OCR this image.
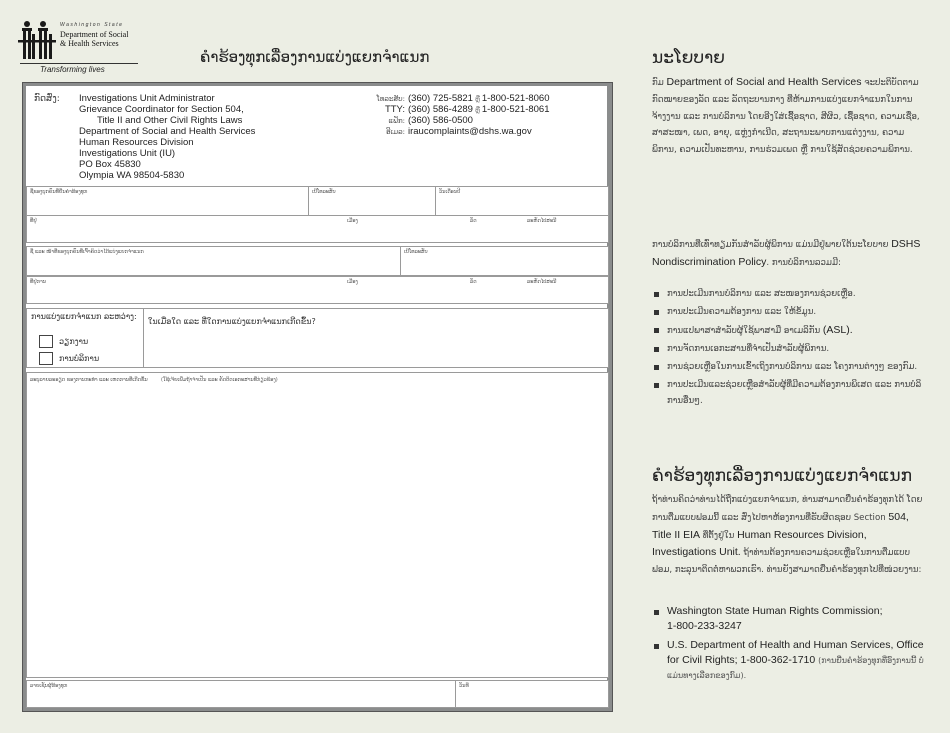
Washington State
Department of Social
& Health Services
Transforming lives
ຄຳຮ້ອງທຸກເລື່ອງການແບ່ງແຍກຈຳແນກ
ກົດສົ່ງ: Investigations Unit Administrator
Grievance Coordinator for Section 504,
Title II and Other Civil Rights Laws
Department of Social and Health Services
Human Resources Division
Investigations Unit (IU)
PO Box 45830
Olympia WA 98504-5830
ໂທລະສັບ: (360) 725-5821 ຫຼື 1-800-521-8060
TTY: (360) 586-4289 ຫຼື 1-800-521-8061
ແຟັກ: (360) 586-0500
ອີເມລ: iraucomplaints@dshs.wa.gov
ຊື່ຂອງບຸກຄົນທີ່ຍື່ນຄຳຮ້ອງທຸກ	ເບີໂທລະສັບ	ວັນເດືອນປີ
ທີ່ຢູ່	ເມືອງ	ລັດ	ລະຫັດໄປສະນີ
ຊື່ ແລະ ໜ້າທີ່ຂອງບຸກຄົນທີ່ເຈົ້າຄິດວ່າໄດ້ແບ່ງແຍກຈຳແນກ	ເບີໂທລະສັບ
ທີ່ຢູ່ການ	ເມືອງ	ລັດ	ລະຫັດໄປສະນີ
ການແບ່ງແຍກຈຳແນກ ລະຫວ່າງ:
ວຽກງານ
ການບໍລິການ
ໃນເມື່ອໃດ ແລະ ທີ່ໃດການແບ່ງແຍກຈຳແນກເກີດຂຶ້ນ?
ລະບຸລາຍລະອຽດ ຂອງການກະທຳ ແລະ ເຫດການທີ່ເກີດຂຶ້ນ	(ໃຊ້ເຈ້ຍເພີ່ມຖ້າຈຳເປັນ ແລະ ຄັດຕິດເອກະສານທີ່ກ່ຽວຂ້ອງ)
ລາຍເຊັນຜູ້ຮ້ອງທຸກ	ວັນທີ
ນະໂຍບາຍ
ກົມ Department of Social and Health Services ຈະປະຕິບັດຕາມ ກົດໝາຍຂອງລັດ ແລະ ລັດຖະບານກາງ ທີ່ຫ້າມການແບ່ງແຍກຈຳແນກໃນການຈ້າງງານ ແລະ ການບໍລິການ ໂດຍອີງໃສ່ເຊື້ອຊາດ, ສີຜິວ, ເຊື້ອຊາດ, ຄວາມເຊື່ອ, ສາສະໜາ, ເພດ, ອາຍຸ, ແຫຼ່ງກຳເນີດ, ສະຖານະພາບການແຕ່ງງານ, ຄວາມພິການ, ຄວາມເປັນທະຫານ, ການຮ່ວມເພດ ຫຼື ການໃຊ້ສັດຊ່ວຍຄວາມພິການ.
ການບໍລິການທີ່ເທົ່າທຽມກັນສຳລັບຜູ້ພິການ ແມ່ນມີຢູ່ພາຍໃຕ້ນະໂຍບາຍ DSHS Nondiscrimination Policy. ການບໍລິການລວມມີ:
ການປະເມີນການບໍລິການ ແລະ ສະໜອງການຊ່ວຍເຫຼືອ.
ການປະເມີນຄວາມຕ້ອງການ ແລະ ໃຫ້ຂໍ້ມູນ.
ການແປພາສາສຳລັບຜູ້ໃຊ້ພາສາມື ອາເມລິກັນ (ASL).
ການຈັດການເອກະສານທີ່ຈຳເປັນສຳລັບຜູ້ພິການ.
ການຊ່ວຍເຫຼືອໃນການເຂົ້າເຖິງການບໍລິການ ແລະ ໂຄງການຕ່າງໆ ຂອງກົມ.
ການປະເມີນແລະຊ່ວຍເຫຼືອສຳລັບຜູ້ທີ່ມີຄວາມຕ້ອງການພິເສດ ແລະ ການບໍລິການອື່ນໆ.
ຄຳຮ້ອງທຸກເລື່ອງການແບ່ງແຍກຈຳແນກ
ຖ້າທ່ານຄິດວ່າທ່ານໄດ້ຖືກແບ່ງແຍກຈຳແນກ, ທ່ານສາມາດຍື່ນຄຳຮ້ອງທຸກໄດ້ ໂດຍການຕື່ມແບບຟອມນີ້ ແລະ ສົ່ງໄປຫາຫ້ອງການທີ່ຮັບຜິດຊອບ Section 504, Title II EIA ທີ່ຕັ້ງຢູ່ໃນ Human Resources Division, Investigations Unit. ຖ້າທ່ານຕ້ອງການຄວາມຊ່ວຍເຫຼືອໃນການຕື່ມແບບຟອມ, ກະລຸນາຕິດຕໍ່ຫາພວກເຮົາ. ທ່ານຍັງສາມາດຍື່ນຄຳຮ້ອງທຸກໄປທີ່ໜ່ວຍງານ:
Washington State Human Rights Commission;
1-800-233-3247
U.S. Department of Health and Human Services, Office for Civil Rights; 1-800-362-1710 (ການຍື່ນຄຳຮ້ອງທຸກທີ່ອົງການນີ້ ບໍ່ແມ່ນທາງເລືອກຂອງກົມ).
